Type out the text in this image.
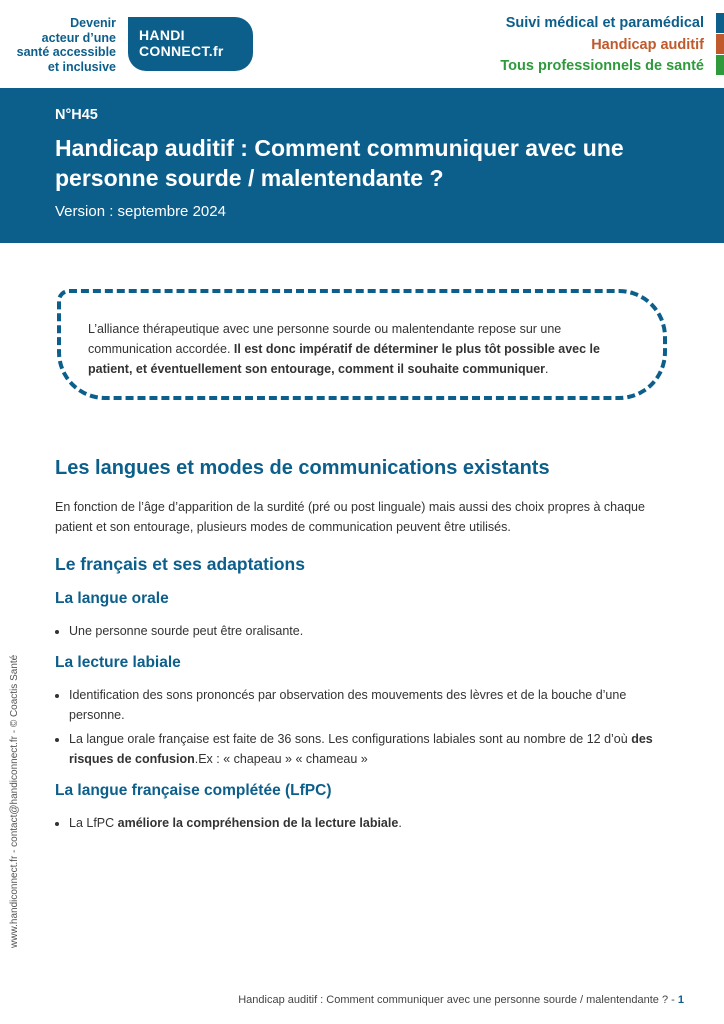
Devenir
acteur d’une
santé accessible
et inclusive
HANDI
CONNECT.fr
Suivi médical et paramédical
Handicap auditif
Tous professionnels de santé
N°H45
Handicap auditif : Comment communiquer avec une personne sourde / malentendante ?
Version : septembre 2024

L’alliance thérapeutique avec une personne sourde ou malentendante repose sur une communication accordée. Il est donc impératif de déterminer le plus tôt possible avec le patient, et éventuellement son entourage, comment il souhaite communiquer.

Les langues et modes de communications existants

En fonction de l’âge d’apparition de la surdité (pré ou post linguale) mais aussi des choix propres à chaque patient et son entourage, plusieurs modes de communication peuvent être utilisés.

Le français et ses adaptations
La langue orale
• Une personne sourde peut être oralisante.
La lecture labiale
• Identification des sons prononcés par observation des mouvements des lèvres et de la bouche d’une personne.
• La langue orale française est faite de 36 sons. Les configurations labiales sont au nombre de 12 d’où des risques de confusion.Ex : « chapeau » « chameau »
La langue française complétée (LfPC)
• La LfPC améliore la compréhension de la lecture labiale.
www.handiconnect.fr - contact@handiconnect.fr - © Coactis Santé
Handicap auditif : Comment communiquer avec une personne sourde / malentendante ? - 1
